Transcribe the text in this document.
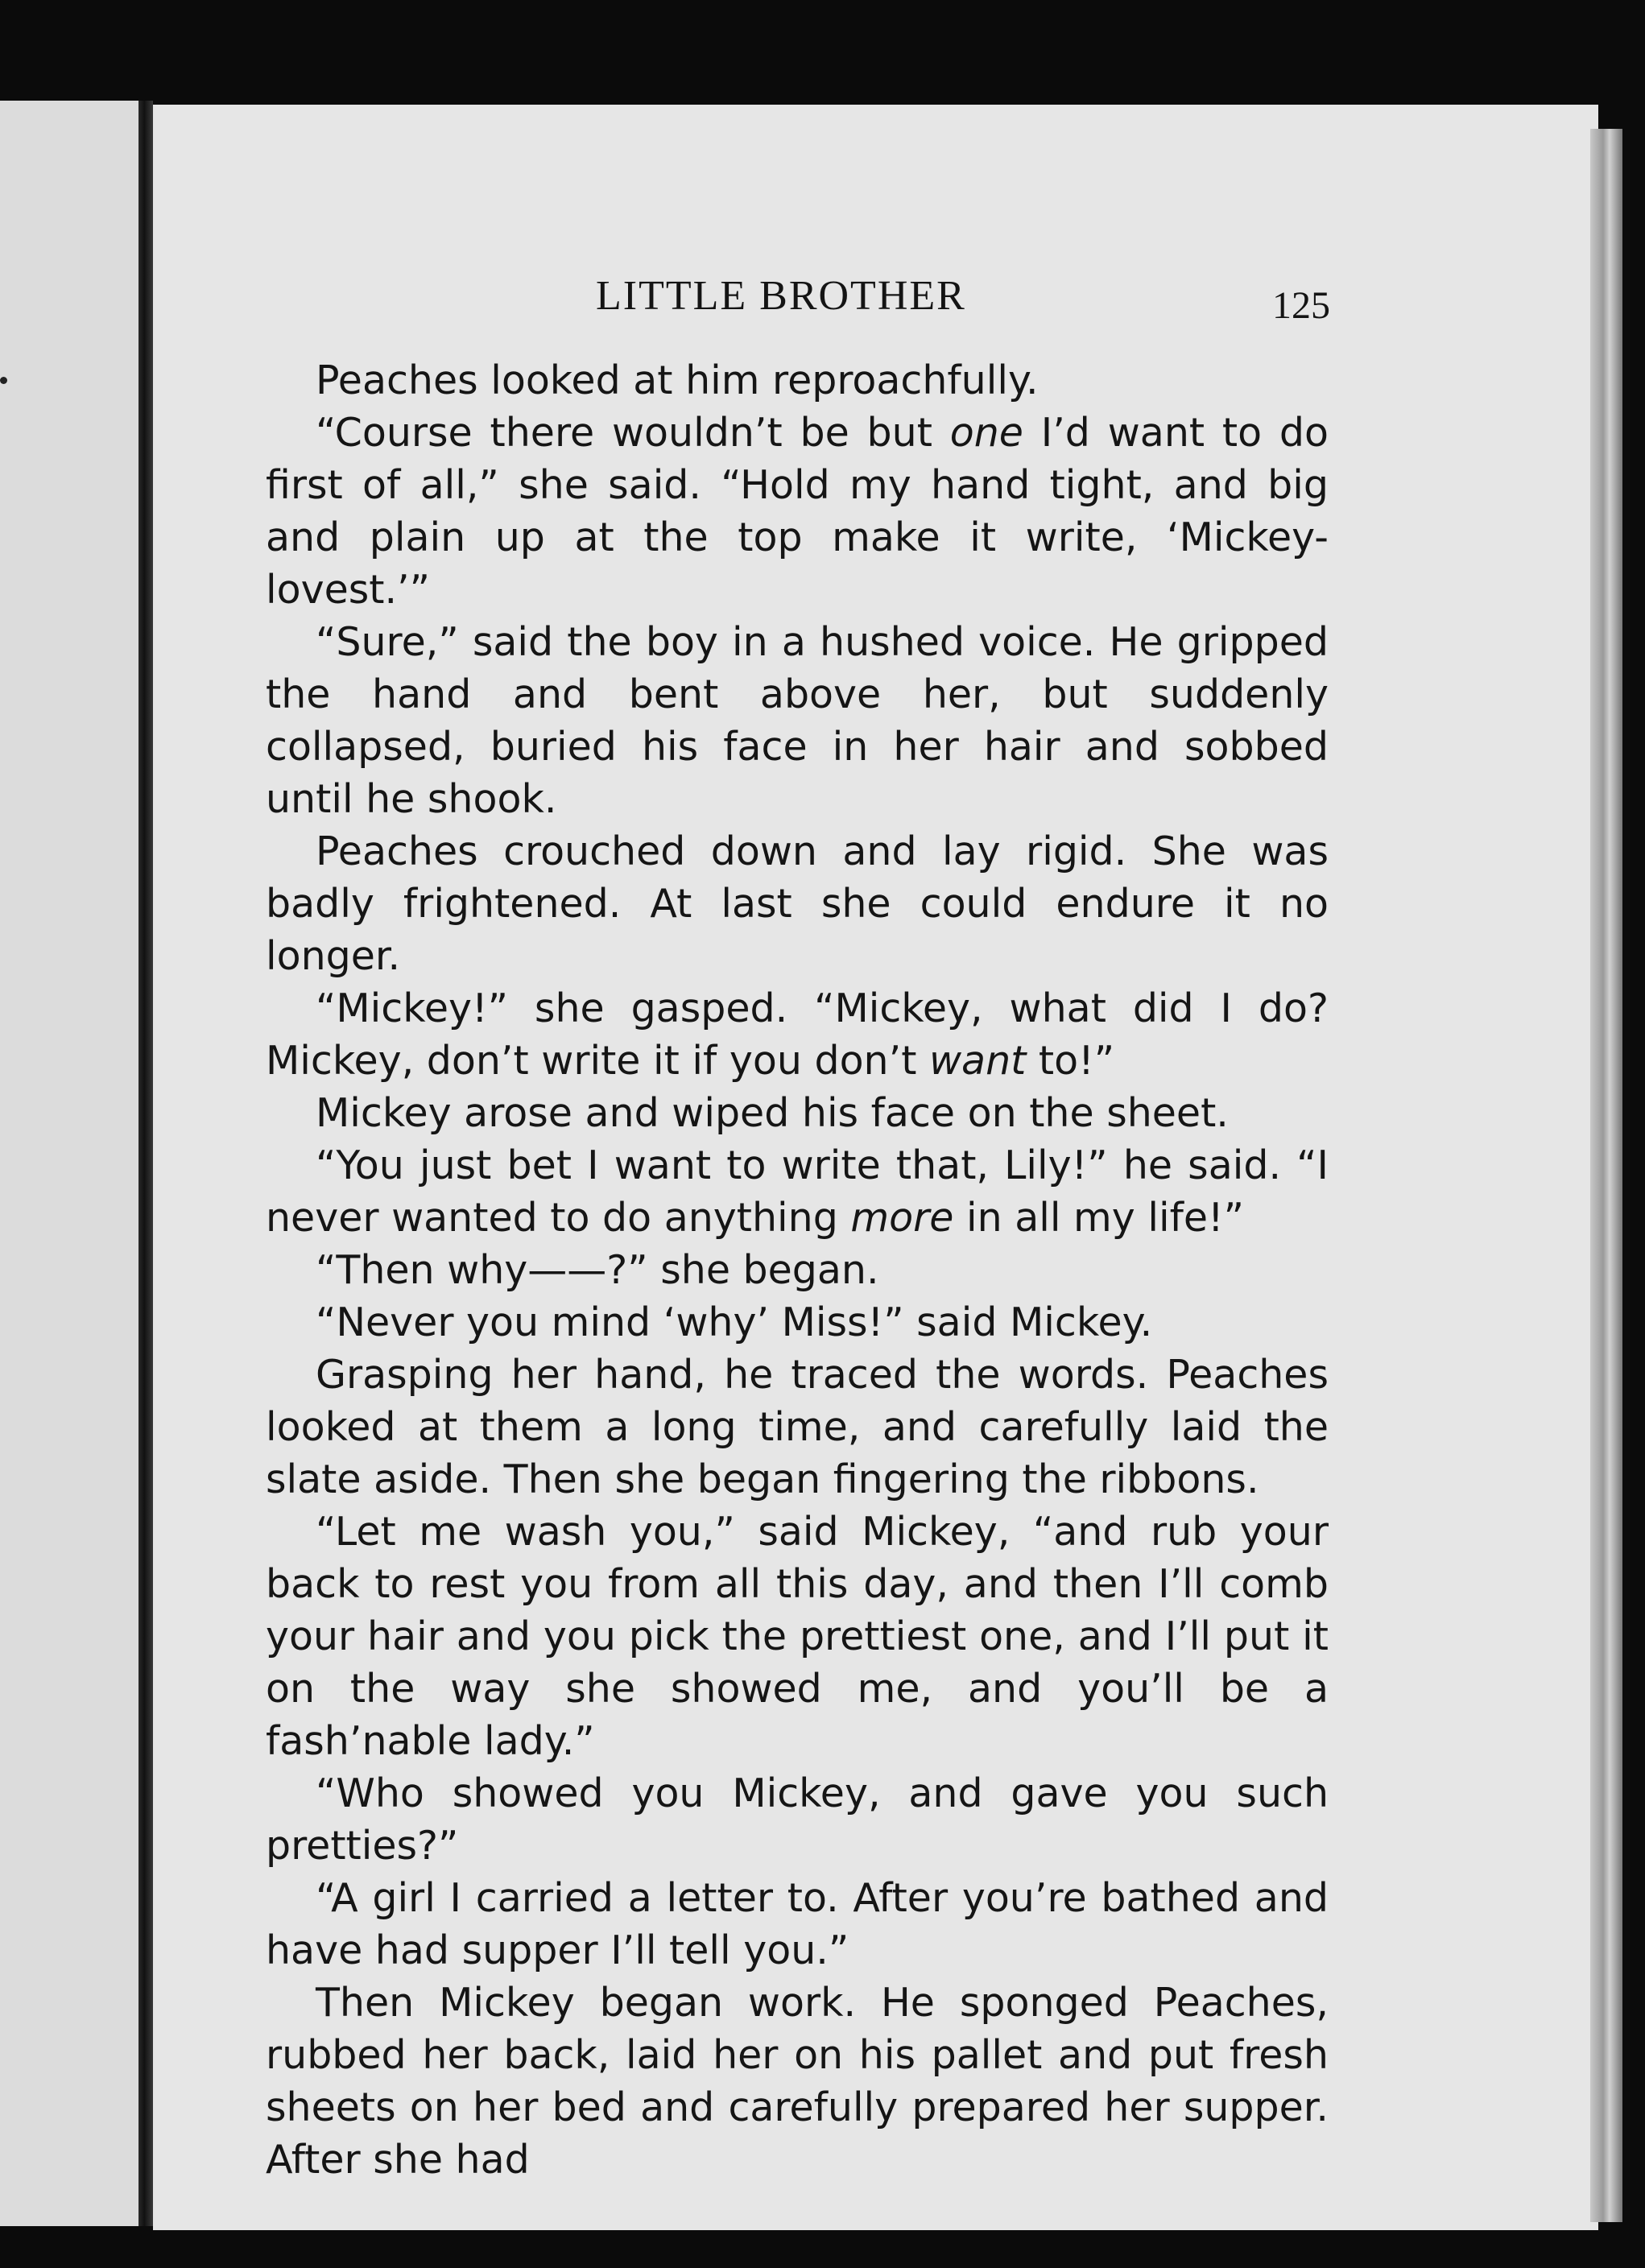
LITTLE BROTHER	125

Peaches looked at him reproachfully.

“Course there wouldn’t be but one I’d want to do first of all,” she said. “Hold my hand tight, and big and plain up at the top make it write, ‘Mickey-lovest.’”

“Sure,” said the boy in a hushed voice. He gripped the hand and bent above her, but suddenly collapsed, buried his face in her hair and sobbed until he shook.

Peaches crouched down and lay rigid. She was badly frightened. At last she could endure it no longer.

“Mickey!” she gasped. “Mickey, what did I do? Mickey, don’t write it if you don’t want to!”

Mickey arose and wiped his face on the sheet.

“You just bet I want to write that, Lily!” he said. “I never wanted to do anything more in all my life!”

“Then why——?” she began.

“Never you mind ‘why’ Miss!” said Mickey.

Grasping her hand, he traced the words. Peaches looked at them a long time, and carefully laid the slate aside. Then she began fingering the ribbons.

“Let me wash you,” said Mickey, “and rub your back to rest you from all this day, and then I’ll comb your hair and you pick the prettiest one, and I’ll put it on the way she showed me, and you’ll be a fash’nable lady.”

“Who showed you Mickey, and gave you such pretties?”

“A girl I carried a letter to. After you’re bathed and have had supper I’ll tell you.”

Then Mickey began work. He sponged Peaches, rubbed her back, laid her on his pallet and put fresh sheets on her bed and carefully prepared her supper. After she had
